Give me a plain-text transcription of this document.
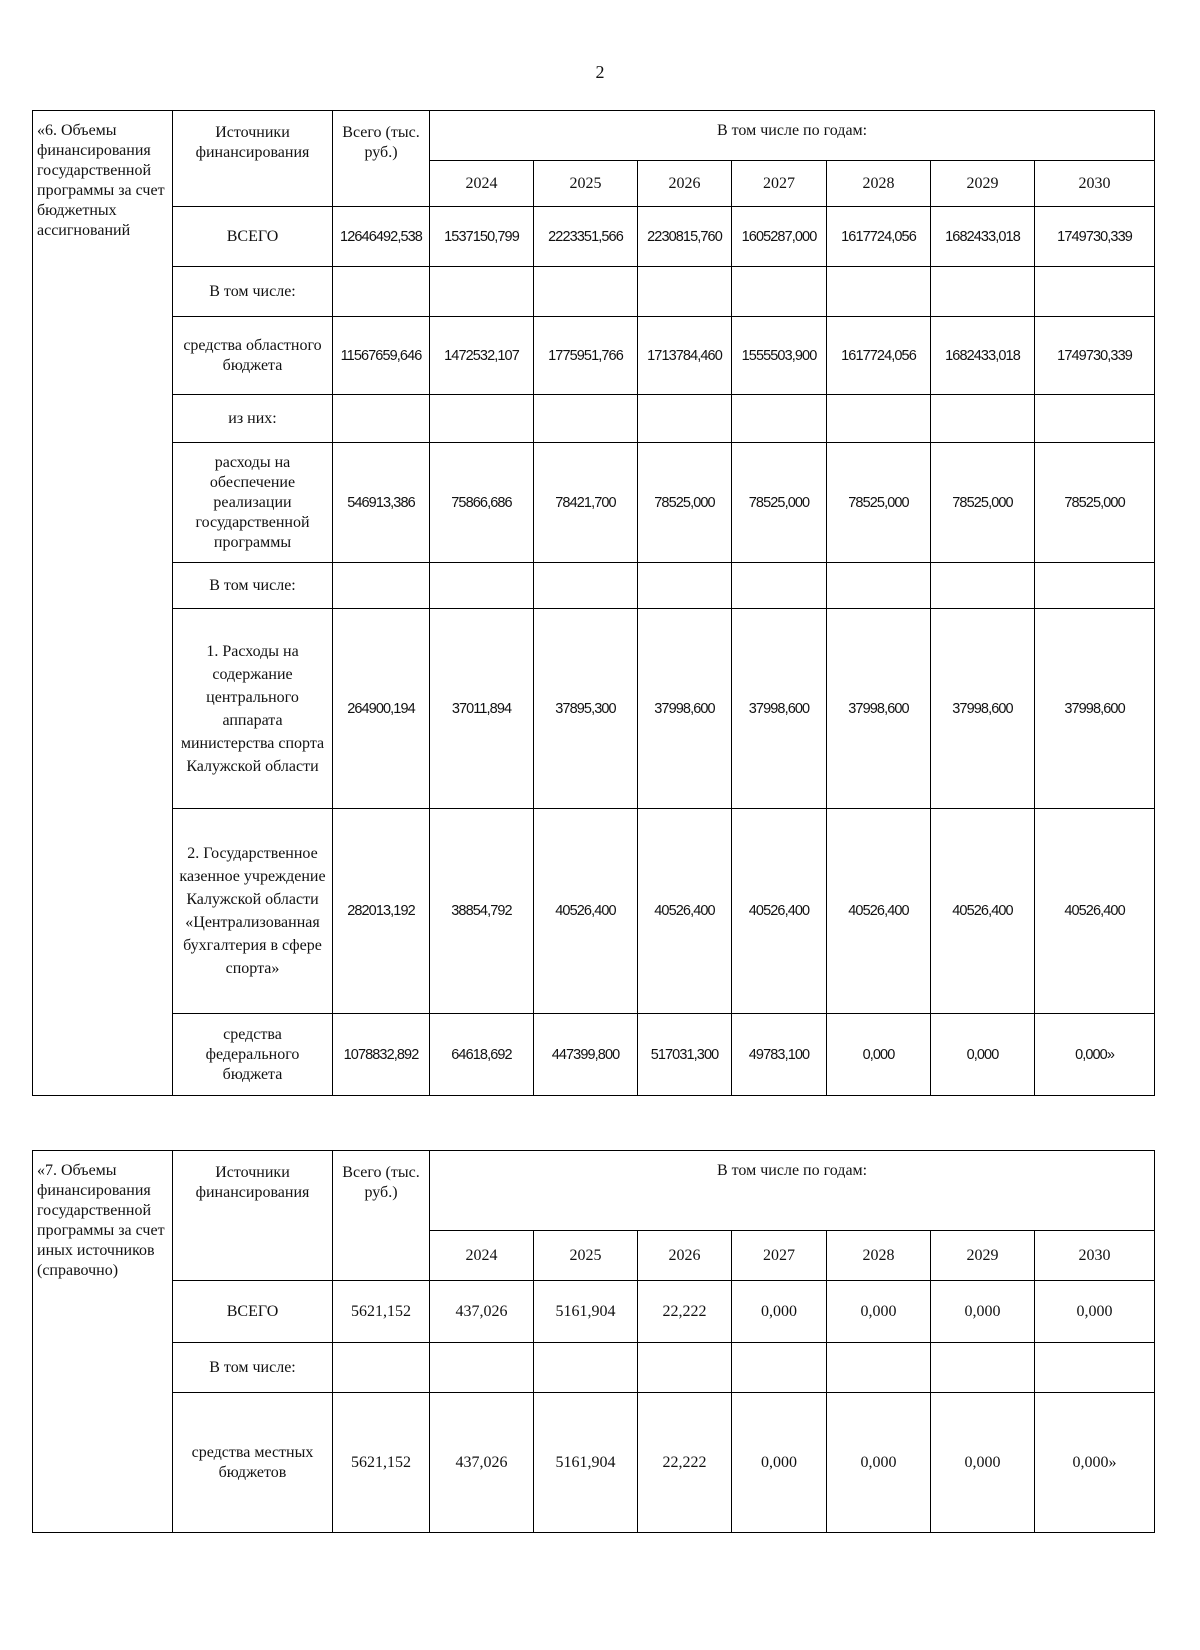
2
«6. Объемы финансирования государственной программы за счет бюджетных ассигнований	Источники финансирования	Всего (тыс. руб.)	В том числе по годам:						
			2024	2025	2026	2027	2028	2029	2030
	ВСЕГО	12646492,538	1537150,799	2223351,566	2230815,760	1605287,000	1617724,056	1682433,018	1749730,339
	В том числе:								
	средства областного бюджета	11567659,646	1472532,107	1775951,766	1713784,460	1555503,900	1617724,056	1682433,018	1749730,339
	из них:								
	расходы на обеспечение реализации государственной программы	546913,386	75866,686	78421,700	78525,000	78525,000	78525,000	78525,000	78525,000
	В том числе:								
	1. Расходы на содержание центрального аппарата министерства спорта Калужской области	264900,194	37011,894	37895,300	37998,600	37998,600	37998,600	37998,600	37998,600
	2. Государственное казенное учреждение Калужской области «Централизованная бухгалтерия в сфере спорта»	282013,192	38854,792	40526,400	40526,400	40526,400	40526,400	40526,400	40526,400
	средства федерального бюджета	1078832,892	64618,692	447399,800	517031,300	49783,100	0,000	0,000	0,000»
«7. Объемы финансирования государственной программы за счет иных источников (справочно)	Источники финансирования	Всего (тыс. руб.)	В том числе по годам:						
			2024	2025	2026	2027	2028	2029	2030
	ВСЕГО	5621,152	437,026	5161,904	22,222	0,000	0,000	0,000	0,000
	В том числе:								
	средства местных бюджетов	5621,152	437,026	5161,904	22,222	0,000	0,000	0,000	0,000»
